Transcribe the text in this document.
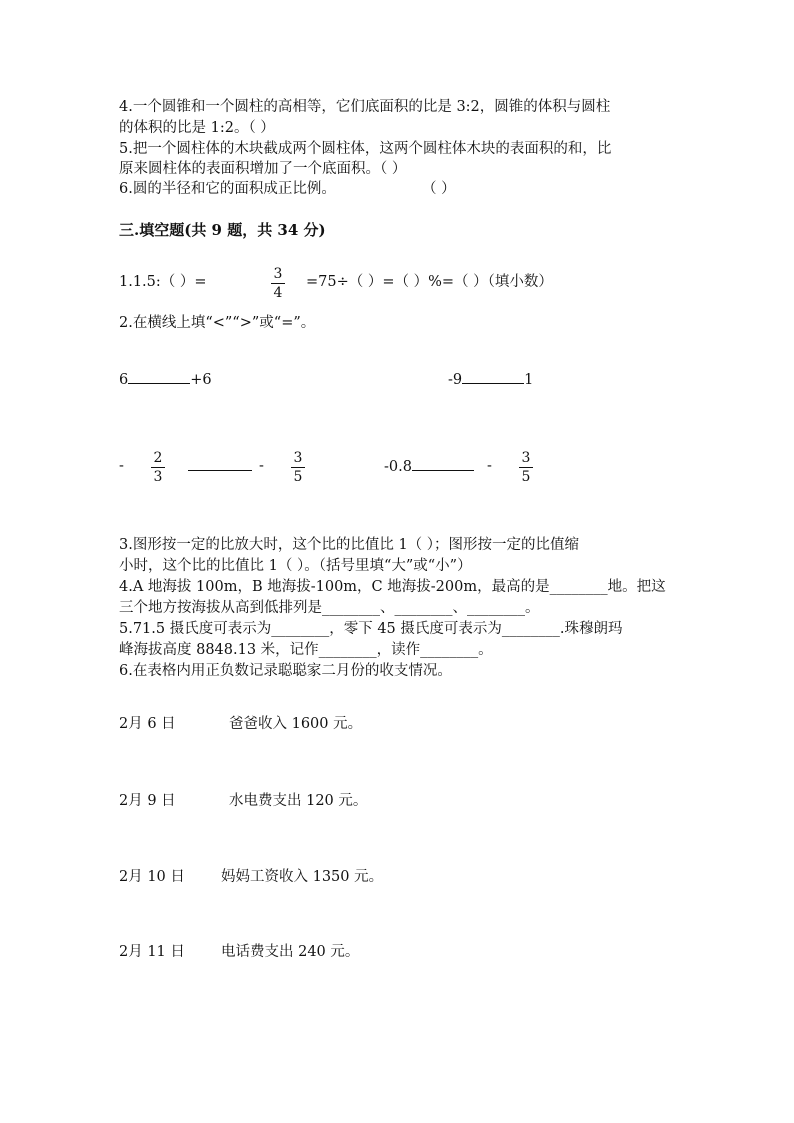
4.一个圆锥和一个圆柱的高相等，它们底面积的比是 3:2，圆锥的体积与圆柱
的体积的比是 1:2。（ ）
5.把一个圆柱体的木块截成两个圆柱体，这两个圆柱体木块的表面积的和，比
原来圆柱体的表面积增加了一个底面积。（ ）
6.圆的半径和它的面积成正比例。	（ ）
三.填空题(共 9 题，共 34 分)
1.1.5:（ ）=	3
4
=75÷（ ）=（ ）%=（ ）（填小数）
2.在横线上填“<”“>”或“=”。
6	+6	-9	1
- 2
3
- 3
5
-0.8	- 3
5
3.图形按一定的比放大时，这个比的比值比 1（ ）；图形按一定的比值缩
小时，这个比的比值比 1（ ）。（括号里填“大”或“小”）
4.A 地海拔 100m，B 地海拔-100m，C 地海拔-200m，最高的是________地。把这
三个地方按海拔从高到低排列是________、________、________。
5.71.5 摄氏度可表示为________，零下 45 摄氏度可表示为________.珠穆朗玛
峰海拔高度 8848.13 米，记作________，读作________。
6.在表格内用正负数记录聪聪家二月份的收支情况。
2月 6 日	爸爸收入 1600 元。
2月 9 日	水电费支出 120 元。
2月 10 日 妈妈工资收入 1350 元。
2月 11 日 电话费支出 240 元。
